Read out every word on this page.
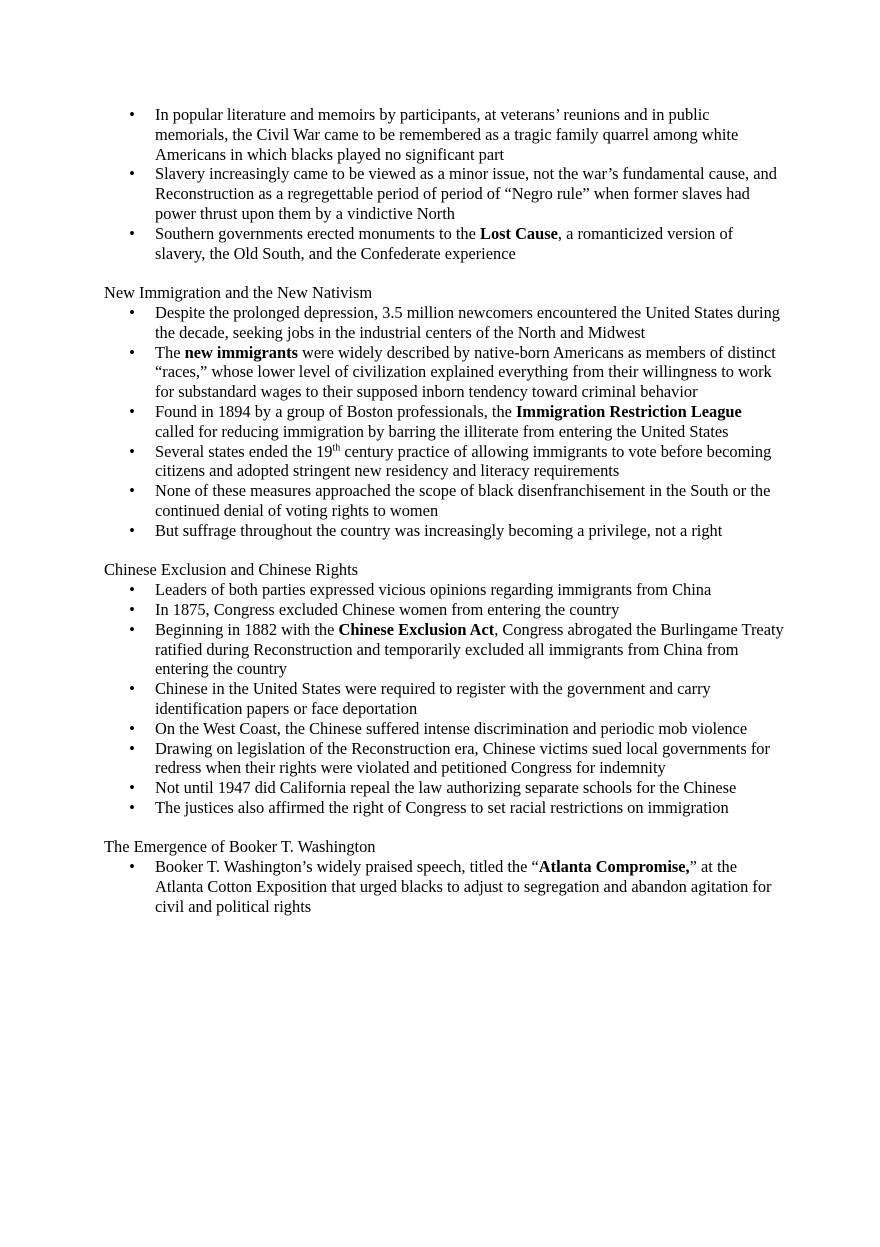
• In popular literature and memoirs by participants, at veterans’ reunions and in public memorials, the Civil War came to be remembered as a tragic family quarrel among white Americans in which blacks played no significant part
• Slavery increasingly came to be viewed as a minor issue, not the war’s fundamental cause, and Reconstruction as a regregettable period of period of “Negro rule” when former slaves had power thrust upon them by a vindictive North
• Southern governments erected monuments to the Lost Cause, a romanticized version of slavery, the Old South, and the Confederate experience
New Immigration and the New Nativism
• Despite the prolonged depression, 3.5 million newcomers encountered the United States during the decade, seeking jobs in the industrial centers of the North and Midwest
• The new immigrants were widely described by native-born Americans as members of distinct “races,” whose lower level of civilization explained everything from their willingness to work for substandard wages to their supposed inborn tendency toward criminal behavior
• Found in 1894 by a group of Boston professionals, the Immigration Restriction League called for reducing immigration by barring the illiterate from entering the United States
• Several states ended the 19th century practice of allowing immigrants to vote before becoming citizens and adopted stringent new residency and literacy requirements
• None of these measures approached the scope of black disenfranchisement in the South or the continued denial of voting rights to women
• But suffrage throughout the country was increasingly becoming a privilege, not a right
Chinese Exclusion and Chinese Rights
• Leaders of both parties expressed vicious opinions regarding immigrants from China
• In 1875, Congress excluded Chinese women from entering the country
• Beginning in 1882 with the Chinese Exclusion Act, Congress abrogated the Burlingame Treaty ratified during Reconstruction and temporarily excluded all immigrants from China from entering the country
• Chinese in the United States were required to register with the government and carry identification papers or face deportation
• On the West Coast, the Chinese suffered intense discrimination and periodic mob violence
• Drawing on legislation of the Reconstruction era, Chinese victims sued local governments for redress when their rights were violated and petitioned Congress for indemnity
• Not until 1947 did California repeal the law authorizing separate schools for the Chinese
• The justices also affirmed the right of Congress to set racial restrictions on immigration
The Emergence of Booker T. Washington
• Booker T. Washington’s widely praised speech, titled the “Atlanta Compromise,” at the Atlanta Cotton Exposition that urged blacks to adjust to segregation and abandon agitation for civil and political rights
